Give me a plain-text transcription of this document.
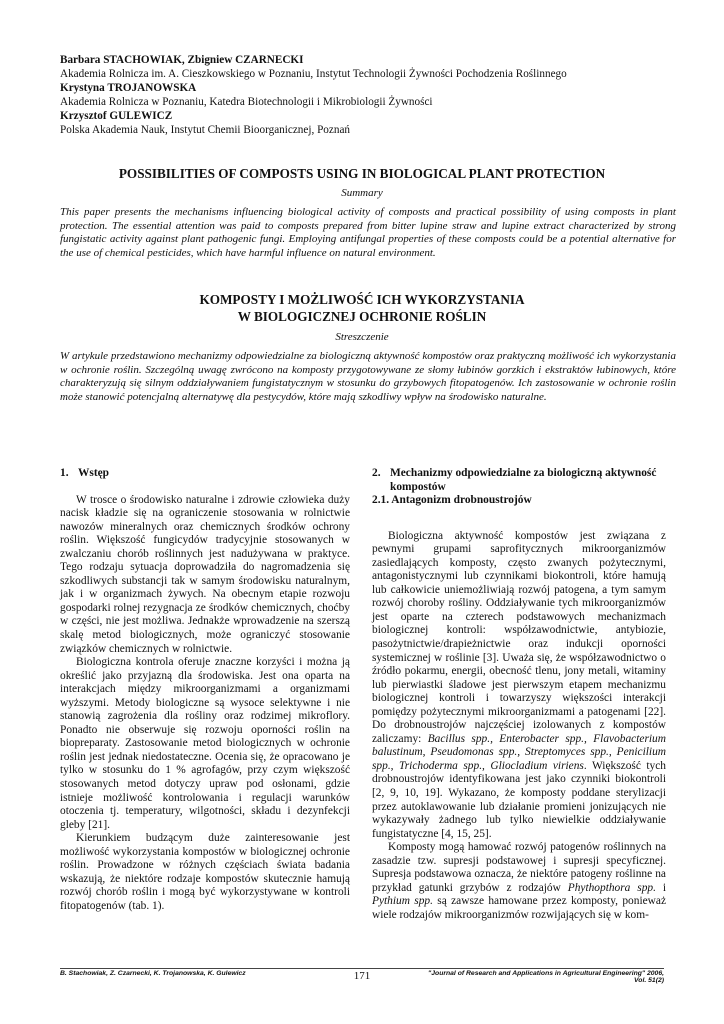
Barbara STACHOWIAK, Zbigniew CZARNECKI
Akademia Rolnicza im. A. Cieszkowskiego w Poznaniu, Instytut Technologii Żywności Pochodzenia Roślinnego
Krystyna TROJANOWSKA
Akademia Rolnicza w Poznaniu, Katedra Biotechnologii i Mikrobiologii Żywności
Krzysztof GULEWICZ
Polska Akademia Nauk, Instytut Chemii Bioorganicznej, Poznań
POSSIBILITIES OF COMPOSTS USING IN BIOLOGICAL PLANT PROTECTION
Summary
This paper presents the mechanisms influencing biological activity of composts and practical possibility of using composts in plant protection. The essential attention was paid to composts prepared from bitter lupine straw and lupine extract characterized by strong fungistatic activity against plant pathogenic fungi. Employing antifungal properties of these composts could be a potential alternative for the use of chemical pesticides, which have harmful influence on natural environment.
KOMPOSTY I MOŻLIWOŚĆ ICH WYKORZYSTANIA
W BIOLOGICZNEJ OCHRONIE ROŚLIN
Streszczenie
W artykule przedstawiono mechanizmy odpowiedzialne za biologiczną aktywność kompostów oraz praktyczną możliwość ich wykorzystania w ochronie roślin. Szczególną uwagę zwrócono na komposty przygotowywane ze słomy łubinów gorzkich i ekstraktów łubinowych, które charakteryzują się silnym oddziaływaniem fungistatycznym w stosunku do grzybowych fitopatogenów. Ich zastosowanie w ochronie roślin może stanowić potencjalną alternatywę dla pestycydów, które mają szkodliwy wpływ na środowisko naturalne.
1. Wstęp

W trosce o środowisko naturalne i zdrowie człowieka duży nacisk kładzie się na ograniczenie stosowania w rolnictwie nawozów mineralnych oraz chemicznych środków ochrony roślin. Większość fungicydów tradycyjnie stosowanych w zwalczaniu chorób roślinnych jest nadużywana w praktyce. Tego rodzaju sytuacja doprowadziła do nagromadzenia się szkodliwych substancji tak w samym środowisku naturalnym, jak i w organizmach żywych. Na obecnym etapie rozwoju gospodarki rolnej rezygnacja ze środków chemicznych, choćby w części, nie jest możliwa. Jednakże wprowadzenie na szerszą skalę metod biologicznych, może ograniczyć stosowanie związków chemicznych w rolnictwie.

Biologiczna kontrola oferuje znaczne korzyści i można ją określić jako przyjazną dla środowiska. Jest ona oparta na interakcjach między mikroorganizmami a organizmami wyższymi. Metody biologiczne są wysoce selektywne i nie stanowią zagrożenia dla rośliny oraz rodzimej mikroflory. Ponadto nie obserwuje się rozwoju oporności roślin na biopreparaty. Zastosowanie metod biologicznych w ochronie roślin jest jednak niedostateczne. Ocenia się, że opracowano je tylko w stosunku do 1 % agrofagów, przy czym większość stosowanych metod dotyczy upraw pod osłonami, gdzie istnieje możliwość kontrolowania i regulacji warunków otoczenia tj. temperatury, wilgotności, składu i dezynfekcji gleby [21].

Kierunkiem budzącym duże zainteresowanie jest możliwość wykorzystania kompostów w biologicznej ochronie roślin. Prowadzone w różnych częściach świata badania wskazują, że niektóre rodzaje kompostów skutecznie hamują rozwój chorób roślin i mogą być wykorzystywane w kontroli fitopatogenów (tab. 1).

2. Mechanizmy odpowiedzialne za biologiczną aktywność kompostów
2.1. Antagonizm drobnoustrojów

Biologiczna aktywność kompostów jest związana z pewnymi grupami saprofitycznych mikroorganizmów zasiedlających komposty, często zwanych pożytecznymi, antagonistycznymi lub czynnikami biokontroli, które hamują lub całkowicie uniemożliwiają rozwój patogena, a tym samym rozwój choroby rośliny. Oddziaływanie tych mikroorganizmów jest oparte na czterech podstawowych mechanizmach biologicznej kontroli: współzawodnictwie, antybiozie, pasożytnictwie/drapieżnictwie oraz indukcji oporności systemicznej w roślinie [3]. Uważa się, że współzawodnictwo o źródło pokarmu, energii, obecność tlenu, jony metali, witaminy lub pierwiastki śladowe jest pierwszym etapem mechanizmu biologicznej kontroli i towarzyszy większości interakcji pomiędzy pożytecznymi mikroorganizmami a patogenami [22]. Do drobnoustrojów najczęściej izolowanych z kompostów zaliczamy: Bacillus spp., Enterobacter spp., Flavobacterium balustinum, Pseudomonas spp., Streptomyces spp., Penicilium spp., Trichoderma spp., Gliocladium viriens. Większość tych drobnoustrojów identyfikowana jest jako czynniki biokontroli [2, 9, 10, 19]. Wykazano, że komposty poddane sterylizacji przez autoklawowanie lub działanie promieni jonizujących nie wykazywały żadnego lub tylko niewielkie oddziaływanie fungistatyczne [4, 15, 25].

Komposty mogą hamować rozwój patogenów roślinnych na zasadzie tzw. supresji podstawowej i supresji specyficznej. Supresja podstawowa oznacza, że niektóre patogeny roślinne na przykład gatunki grzybów z rodzajów Phythopthora spp. i Pythium spp. są zawsze hamowane przez komposty, ponieważ wiele rodzajów mikroorganizmów rozwijających się w kom-

B. Stachowiak, Z. Czarnecki, K. Trojanowska, K. Gulewicz	171	"Journal of Research and Applications in Agricultural Engineering" 2006, Vol. 51(2)
